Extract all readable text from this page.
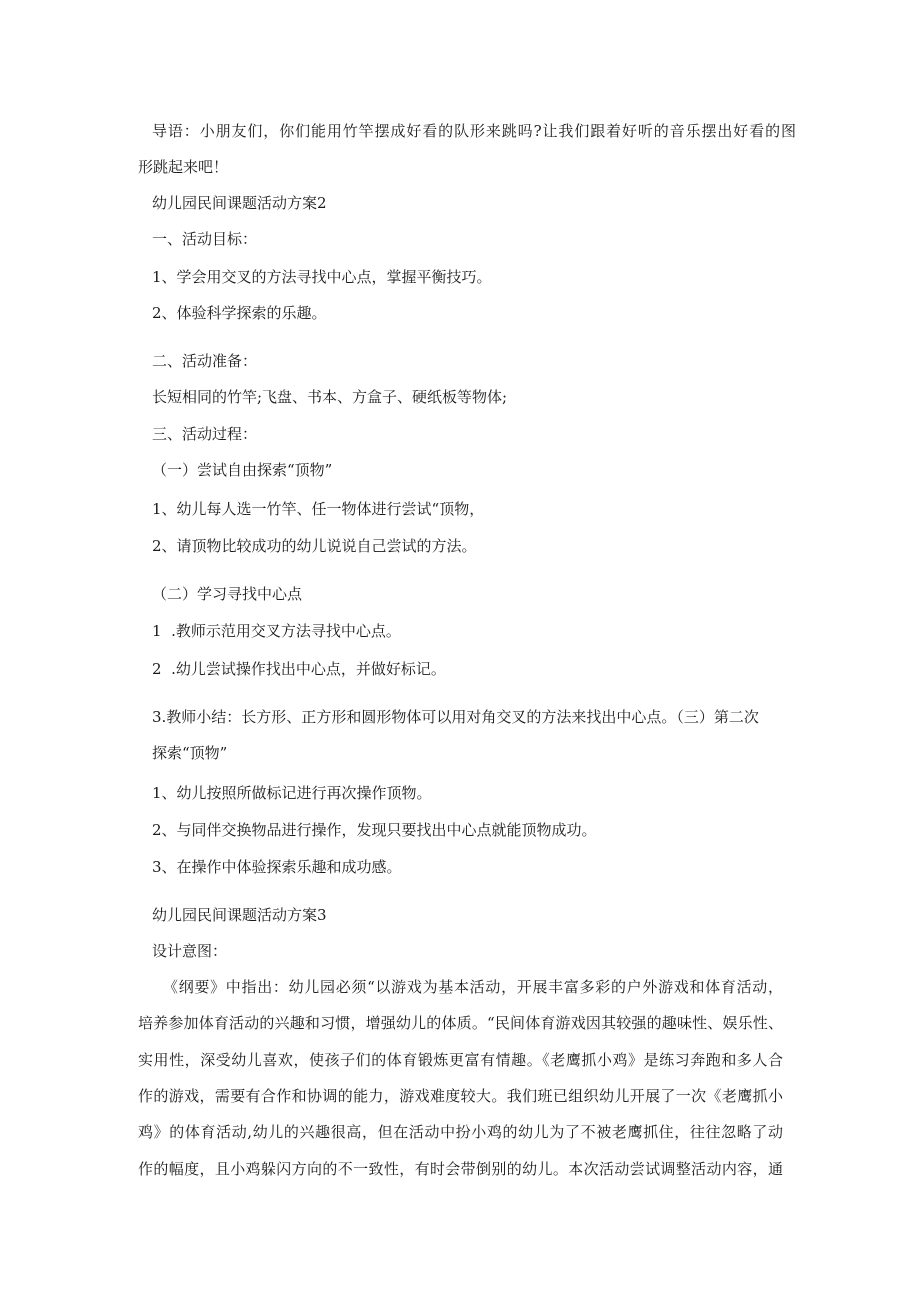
导语：小朋友们，你们能用竹竿摆成好看的队形来跳吗?让我们跟着好听的音乐摆出好看的图
形跳起来吧！
幼儿园民间课题活动方案2
一、活动目标：
1、学会用交叉的方法寻找中心点，掌握平衡技巧。
2、体验科学探索的乐趣。
二、活动准备：
长短相同的竹竿;飞盘、书本、方盒子、硬纸板等物体;
三、活动过程：
（一）尝试自由探索“顶物”
1、幼儿每人选一竹竿、任一物体进行尝试“顶物，
2、请顶物比较成功的幼儿说说自己尝试的方法。
（二）学习寻找中心点
1  .教师示范用交叉方法寻找中心点。
2  .幼儿尝试操作找出中心点，并做好标记。
3.教师小结：长方形、正方形和圆形物体可以用对角交叉的方法来找出中心点。（三）第二次
探索“顶物”
1、幼儿按照所做标记进行再次操作顶物。
2、与同伴交换物品进行操作，发现只要找出中心点就能顶物成功。
3、在操作中体验探索乐趣和成功感。
幼儿园民间课题活动方案3
设计意图：
《纲要》中指出：幼儿园必须“以游戏为基本活动，开展丰富多彩的户外游戏和体育活动，
培养参加体育活动的兴趣和习惯，增强幼儿的体质。“民间体育游戏因其较强的趣味性、娱乐性、
实用性，深受幼儿喜欢，使孩子们的体育锻炼更富有情趣。《老鹰抓小鸡》是练习奔跑和多人合
作的游戏，需要有合作和协调的能力，游戏难度较大。我们班已组织幼儿开展了一次《老鹰抓小
鸡》的体育活动,幼儿的兴趣很高，但在活动中扮小鸡的幼儿为了不被老鹰抓住，往往忽略了动
作的幅度，且小鸡躲闪方向的不一致性，有时会带倒别的幼儿。本次活动尝试调整活动内容，通
